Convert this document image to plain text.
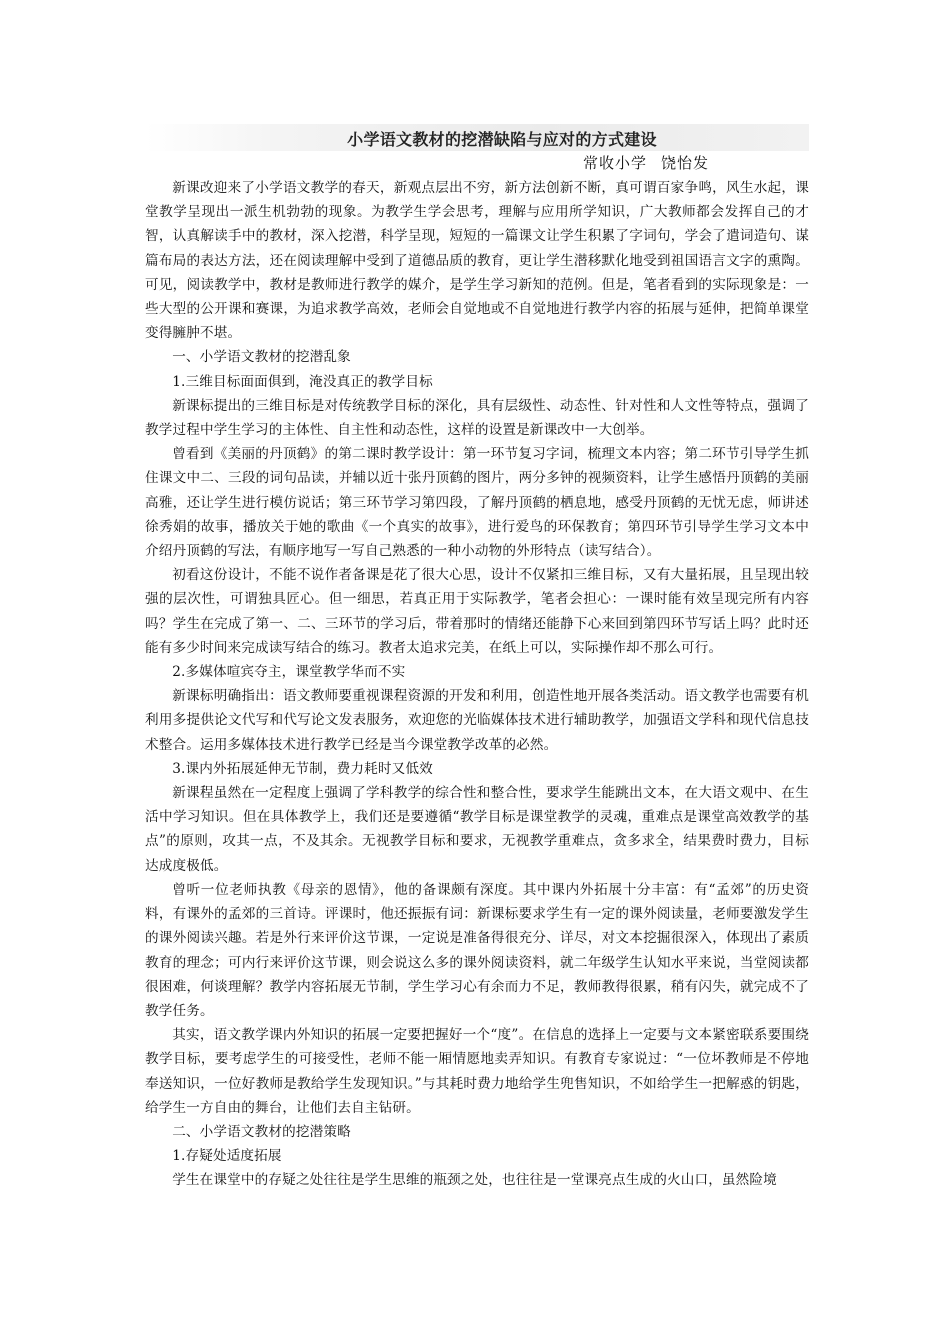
小学语文教材的挖潜缺陷与应对的方式建设
常收小学 饶怡发

新课改迎来了小学语文教学的春天，新观点层出不穷，新方法创新不断，真可谓百家争鸣，风生水起，课堂教学呈现出一派生机勃勃的现象。为教学生学会思考，理解与应用所学知识，广大教师都会发挥自己的才智，认真解读手中的教材，深入挖潜，科学呈现，短短的一篇课文让学生积累了字词句，学会了遣词造句、谋篇布局的表达方法，还在阅读理解中受到了道德品质的教育，更让学生潜移默化地受到祖国语言文字的熏陶。可见，阅读教学中，教材是教师进行教学的媒介，是学生学习新知的范例。但是，笔者看到的实际现象是：一些大型的公开课和赛课，为追求教学高效，老师会自觉地或不自觉地进行教学内容的拓展与延伸，把简单课堂变得臃肿不堪。

一、小学语文教材的挖潜乱象

1.三维目标面面俱到，淹没真正的教学目标

新课标提出的三维目标是对传统教学目标的深化，具有层级性、动态性、针对性和人文性等特点，强调了教学过程中学生学习的主体性、自主性和动态性，这样的设置是新课改中一大创举。

曾看到《美丽的丹顶鹤》的第二课时教学设计：第一环节复习字词，梳理文本内容；第二环节引导学生抓住课文中二、三段的词句品读，并辅以近十张丹顶鹤的图片，两分多钟的视频资料，让学生感悟丹顶鹤的美丽高雅，还让学生进行模仿说话；第三环节学习第四段，了解丹顶鹤的栖息地，感受丹顶鹤的无忧无虑，师讲述徐秀娟的故事，播放关于她的歌曲《一个真实的故事》，进行爱鸟的环保教育；第四环节引导学生学习文本中介绍丹顶鹤的写法，有顺序地写一写自己熟悉的一种小动物的外形特点（读写结合）。

初看这份设计，不能不说作者备课是花了很大心思，设计不仅紧扣三维目标，又有大量拓展，且呈现出较强的层次性，可谓独具匠心。但一细思，若真正用于实际教学，笔者会担心：一课时能有效呈现完所有内容吗？学生在完成了第一、二、三环节的学习后，带着那时的情绪还能静下心来回到第四环节写话上吗？此时还能有多少时间来完成读写结合的练习。教者太追求完美，在纸上可以，实际操作却不那么可行。

2.多媒体喧宾夺主，课堂教学华而不实

新课标明确指出：语文教师要重视课程资源的开发和利用，创造性地开展各类活动。语文教学也需要有机利用多提供论文代写和代写论文发表服务，欢迎您的光临媒体技术进行辅助教学，加强语文学科和现代信息技术整合。运用多媒体技术进行教学已经是当今课堂教学改革的必然。

3.课内外拓展延伸无节制，费力耗时又低效

新课程虽然在一定程度上强调了学科教学的综合性和整合性，要求学生能跳出文本，在大语文观中、在生活中学习知识。但在具体教学上，我们还是要遵循“教学目标是课堂教学的灵魂，重难点是课堂高效教学的基点”的原则，攻其一点，不及其余。无视教学目标和要求，无视教学重难点，贪多求全，结果费时费力，目标达成度极低。

曾听一位老师执教《母亲的恩情》，他的备课颇有深度。其中课内外拓展十分丰富：有“孟郊”的历史资料，有课外的孟郊的三首诗。评课时，他还振振有词：新课标要求学生有一定的课外阅读量，老师要激发学生的课外阅读兴趣。若是外行来评价这节课，一定说是准备得很充分、详尽，对文本挖掘很深入，体现出了素质教育的理念；可内行来评价这节课，则会说这么多的课外阅读资料，就二年级学生认知水平来说，当堂阅读都很困难，何谈理解？教学内容拓展无节制，学生学习心有余而力不足，教师教得很累，稍有闪失，就完成不了教学任务。

其实，语文教学课内外知识的拓展一定要把握好一个“度”。在信息的选择上一定要与文本紧密联系要围绕教学目标，要考虑学生的可接受性，老师不能一厢情愿地卖弄知识。有教育专家说过：“一位坏教师是不停地奉送知识，一位好教师是教给学生发现知识。”与其耗时费力地给学生兜售知识，不如给学生一把解惑的钥匙，给学生一方自由的舞台，让他们去自主钻研。

二、小学语文教材的挖潜策略

1.存疑处适度拓展

学生在课堂中的存疑之处往往是学生思维的瓶颈之处，也往往是一堂课亮点生成的火山口，虽然险境
